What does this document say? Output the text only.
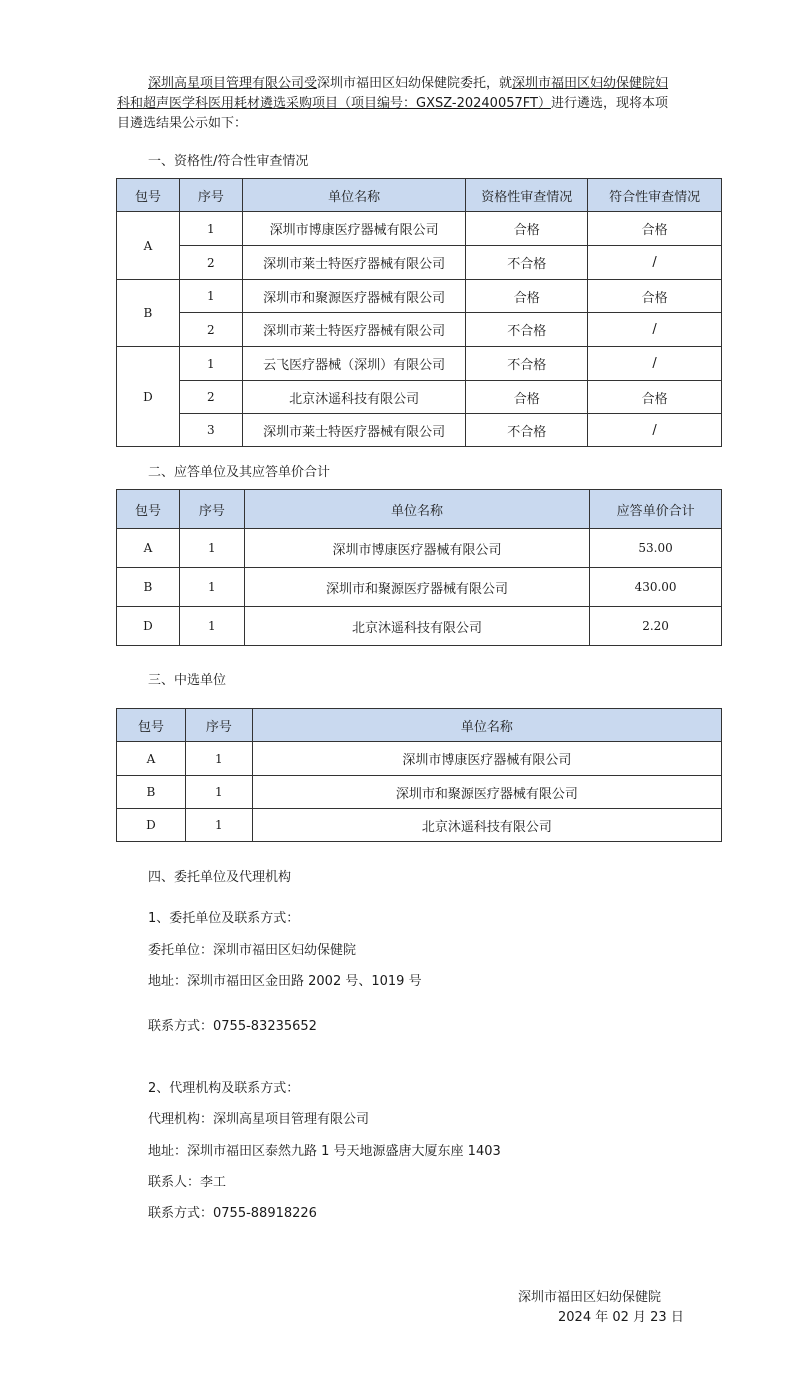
深圳高星项目管理有限公司受深圳市福田区妇幼保健院委托，就深圳市福田区妇幼保健院妇科和超声医学科医用耗材遴选采购项目（项目编号：GXSZ-20240057FT）进行遴选，现将本项目遴选结果公示如下：
一、资格性/符合性审查情况
包号	序号	单位名称	资格性审查情况	符合性审查情况
A	1	深圳市博康医疗器械有限公司	合格	合格
	2	深圳市莱士特医疗器械有限公司	不合格	/
B	1	深圳市和聚源医疗器械有限公司	合格	合格
	2	深圳市莱士特医疗器械有限公司	不合格	/
D	1	云飞医疗器械（深圳）有限公司	不合格	/
	2	北京沐遥科技有限公司	合格	合格
	3	深圳市莱士特医疗器械有限公司	不合格	/
二、应答单位及其应答单价合计
包号	序号	单位名称	应答单价合计
A	1	深圳市博康医疗器械有限公司	53.00
B	1	深圳市和聚源医疗器械有限公司	430.00
D	1	北京沐遥科技有限公司	2.20
三、中选单位
包号	序号	单位名称
A	1	深圳市博康医疗器械有限公司
B	1	深圳市和聚源医疗器械有限公司
D	1	北京沐遥科技有限公司
四、委托单位及代理机构
1、委托单位及联系方式：
委托单位：深圳市福田区妇幼保健院
地址：深圳市福田区金田路 2002 号、1019 号
联系方式：0755-83235652
2、代理机构及联系方式：
代理机构：深圳高星项目管理有限公司
地址：深圳市福田区泰然九路 1 号天地源盛唐大厦东座 1403
联系人：李工
联系方式：0755-88918226
深圳市福田区妇幼保健院
2024 年 02 月 23 日
